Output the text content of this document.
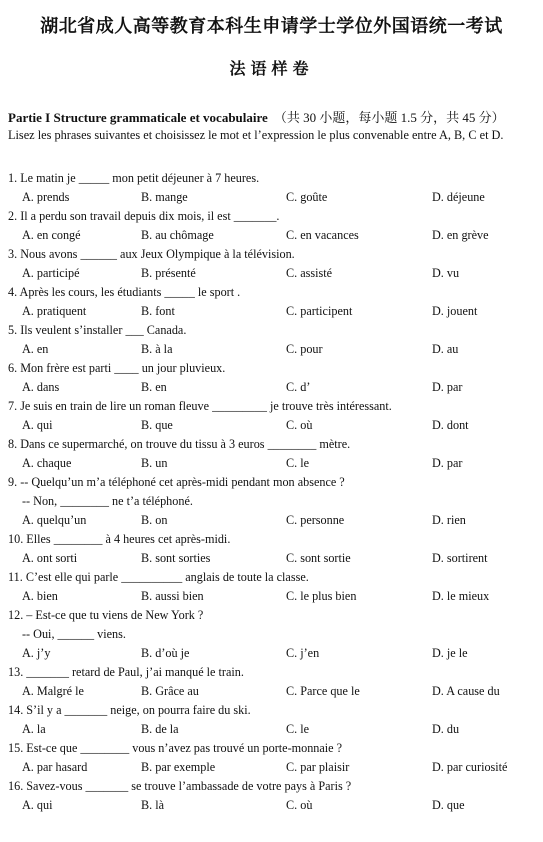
湖北省成人高等教育本科生申请学士学位外国语统一考试
法语样卷
Partie I Structure grammaticale et vocabulaire （共 30 小题，每小题 1.5 分，共 45 分）
Lisez les phrases suivantes et choisissez le mot et l’expression le plus convenable entre A, B, C et D.
1. Le matin je _____ mon petit déjeuner à 7 heures.
A. prends	B. mange	C. goûte	D. déjeune
2. Il a perdu son travail depuis dix mois, il est _______.
A. en congé	B. au chômage	C. en vacances	D. en grève
3. Nous avons ______ aux Jeux Olympique à la télévision.
A. participé	B. présenté	C. assisté	D. vu
4. Après les cours, les étudiants _____ le sport .
A. pratiquent	B. font	C. participent	D. jouent
5. Ils veulent s’installer ___ Canada.
A. en	B. à la	C. pour	D. au
6. Mon frère est parti ____ un jour pluvieux.
A. dans	B. en	C. d’	D. par
7. Je suis en train de lire un roman fleuve _________ je trouve très intéressant.
A. qui	B. que	C. où	D. dont
8. Dans ce supermarché, on trouve du tissu à 3 euros ________ mètre.
A. chaque	B. un	C. le	D. par
9. -- Quelqu’un m’a téléphoné cet après-midi pendant mon absence ?
-- Non, ________ ne t’a téléphoné.
A. quelqu’un	B. on	C. personne	D. rien
10. Elles ________ à 4 heures cet après-midi.
A. ont sorti	B. sont sorties	C. sont sortie	D. sortirent
11. C’est elle qui parle __________ anglais de toute la classe.
A. bien	B. aussi bien	C. le plus bien	D. le mieux
12. – Est-ce que tu viens de New York ?
-- Oui, ______ viens.
A. j’y	B. d’où je	C. j’en	D. je le
13. _______ retard de Paul, j’ai manqué le train.
A. Malgré le	B. Grâce au	C. Parce que le	D. A cause du
14. S’il y a _______ neige, on pourra faire du ski.
A. la	B. de la	C. le	D. du
15. Est-ce que ________ vous n’avez pas trouvé un porte-monnaie ?
A. par hasard	B. par exemple	C. par plaisir	D. par curiosité
16. Savez-vous _______ se trouve l’ambassade de votre pays à Paris ?
A. qui	B. là	C. où	D. que
